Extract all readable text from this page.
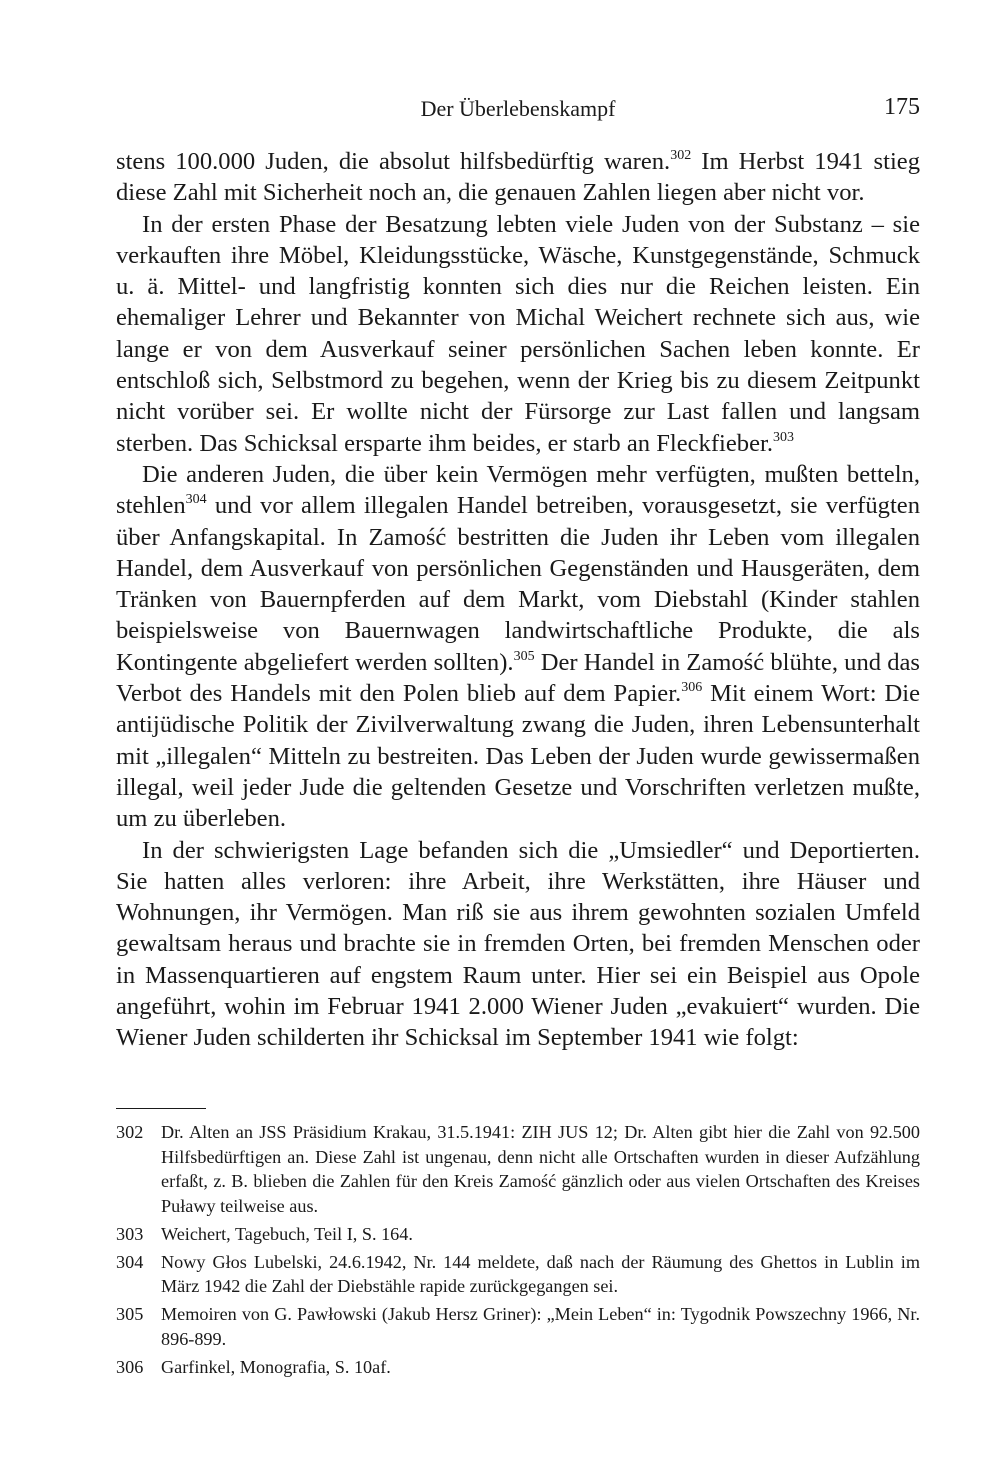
Der Überlebenskampf	175

stens 100.000 Juden, die absolut hilfsbedürftig waren.$^{302}$ Im Herbst 1941 stieg diese Zahl mit Sicherheit noch an, die genauen Zahlen liegen aber nicht vor.

In der ersten Phase der Besatzung lebten viele Juden von der Substanz – sie verkauften ihre Möbel, Kleidungsstücke, Wäsche, Kunstgegenstände, Schmuck u. ä. Mittel- und langfristig konnten sich dies nur die Reichen leisten. Ein ehemaliger Lehrer und Bekannter von Michal Weichert rechnete sich aus, wie lange er von dem Ausverkauf seiner persönlichen Sachen leben konnte. Er entschloß sich, Selbstmord zu begehen, wenn der Krieg bis zu diesem Zeitpunkt nicht vorüber sei. Er wollte nicht der Fürsorge zur Last fallen und langsam sterben. Das Schicksal ersparte ihm beides, er starb an Fleckfieber.$^{303}$

Die anderen Juden, die über kein Vermögen mehr verfügten, mußten betteln, stehlen$^{304}$ und vor allem illegalen Handel betreiben, vorausgesetzt, sie verfügten über Anfangskapital. In Zamość bestritten die Juden ihr Leben vom illegalen Handel, dem Ausverkauf von persönlichen Gegenständen und Hausgeräten, dem Tränken von Bauernpferden auf dem Markt, vom Diebstahl (Kinder stahlen beispielsweise von Bauernwagen landwirtschaftliche Produkte, die als Kontingente abgeliefert werden sollten).$^{305}$ Der Handel in Zamość blühte, und das Verbot des Handels mit den Polen blieb auf dem Papier.$^{306}$ Mit einem Wort: Die antijüdische Politik der Zivilverwaltung zwang die Juden, ihren Lebensunterhalt mit „illegalen“ Mitteln zu bestreiten. Das Leben der Juden wurde gewissermaßen illegal, weil jeder Jude die geltenden Gesetze und Vorschriften verletzen mußte, um zu überleben.

In der schwierigsten Lage befanden sich die „Umsiedler“ und Deportierten. Sie hatten alles verloren: ihre Arbeit, ihre Werkstätten, ihre Häuser und Wohnungen, ihr Vermögen. Man riß sie aus ihrem gewohnten sozialen Umfeld gewaltsam heraus und brachte sie in fremden Orten, bei fremden Menschen oder in Massenquartieren auf engstem Raum unter. Hier sei ein Beispiel aus Opole angeführt, wohin im Februar 1941 2.000 Wiener Juden „evakuiert“ wurden. Die Wiener Juden schilderten ihr Schicksal im September 1941 wie folgt:

302 Dr. Alten an JSS Präsidium Krakau, 31.5.1941: ZIH JUS 12; Dr. Alten gibt hier die Zahl von 92.500 Hilfsbedürftigen an. Diese Zahl ist ungenau, denn nicht alle Ortschaften wurden in dieser Aufzählung erfaßt, z. B. blieben die Zahlen für den Kreis Zamość gänzlich oder aus vielen Ortschaften des Kreises Puławy teilweise aus.
303 Weichert, Tagebuch, Teil I, S. 164.
304 Nowy Głos Lubelski, 24.6.1942, Nr. 144 meldete, daß nach der Räumung des Ghettos in Lublin im März 1942 die Zahl der Diebstähle rapide zurückgegangen sei.
305 Memoiren von G. Pawłowski (Jakub Hersz Griner): „Mein Leben“ in: Tygodnik Powszechny 1966, Nr. 896-899.
306 Garfinkel, Monografia, S. 10af.
